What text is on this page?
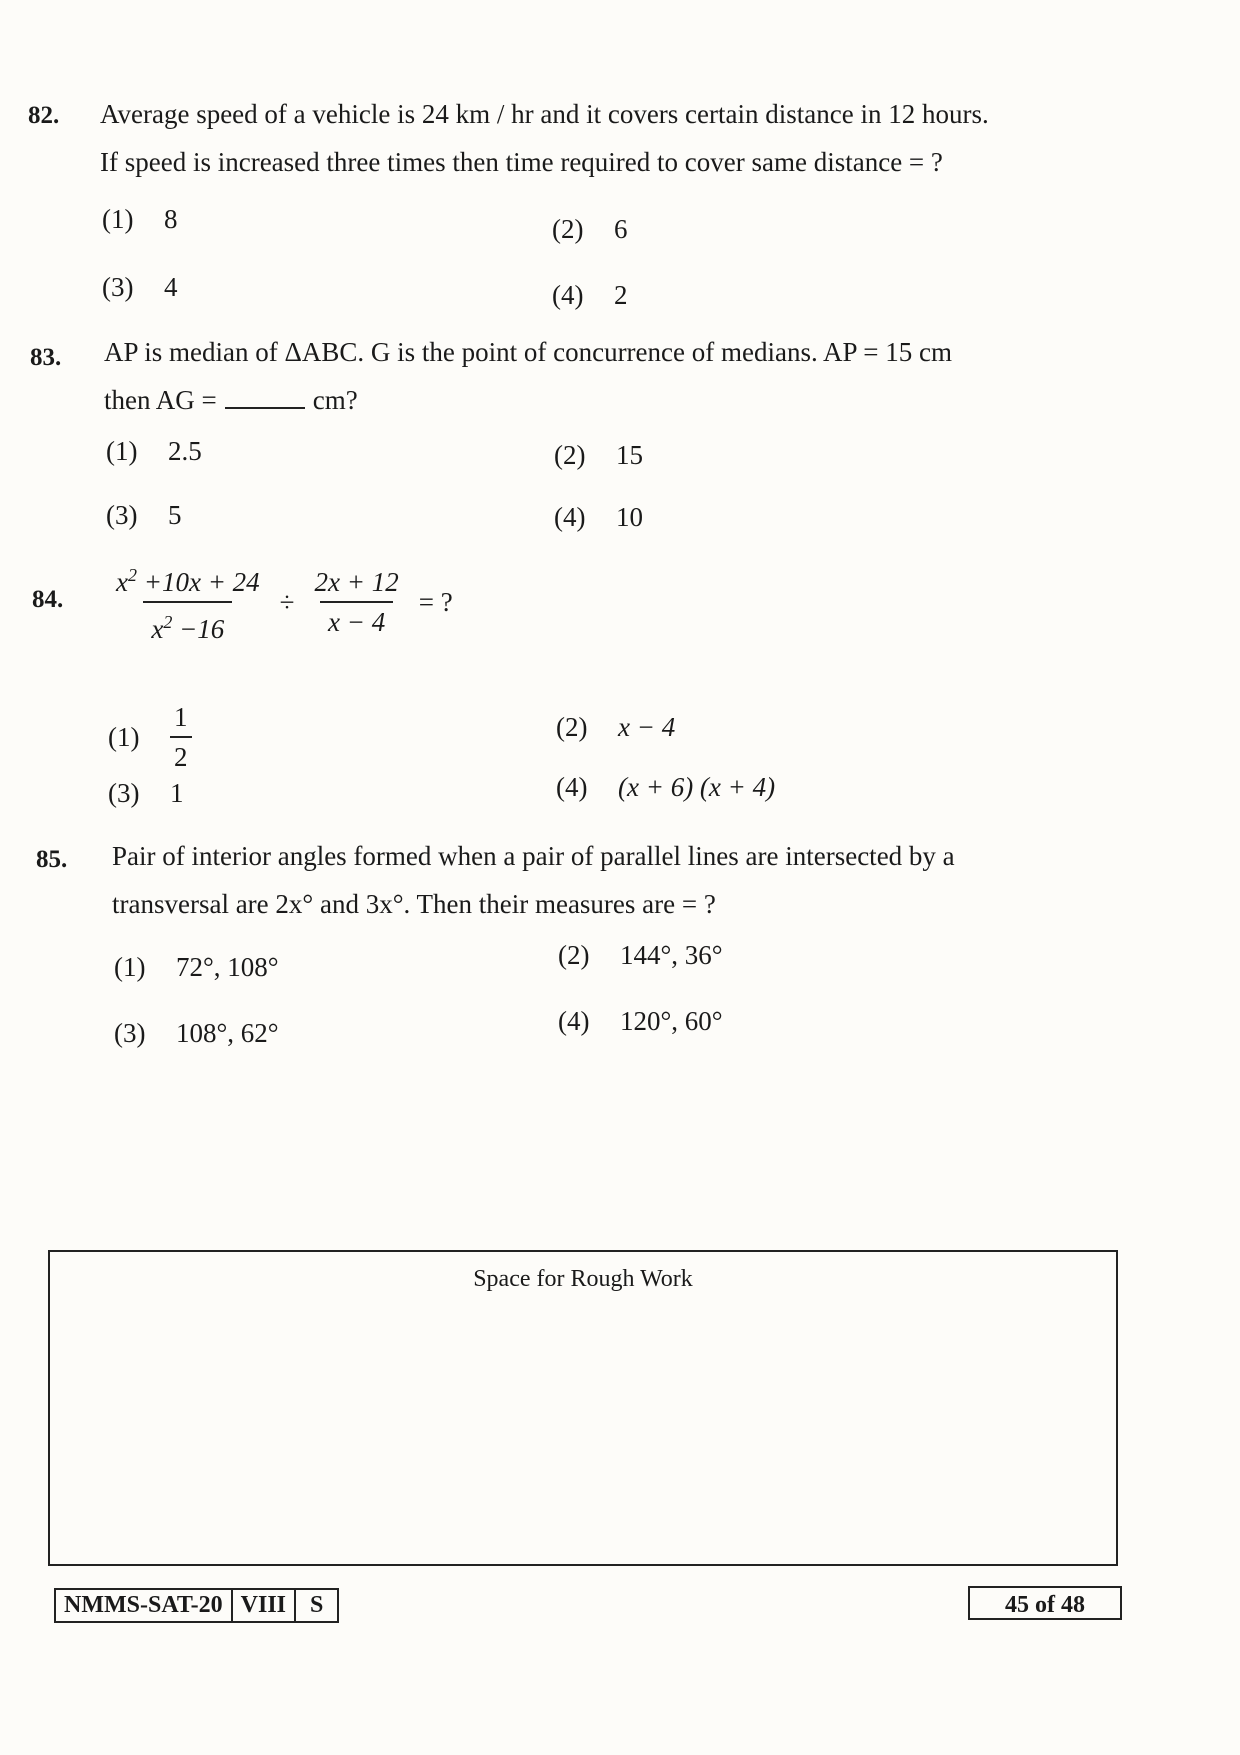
82. Average speed of a vehicle is 24 km / hr and it covers certain distance in 12 hours.
If speed is increased three times then time required to cover same distance = ?
(1) 8	(2) 6
(3) 4	(4) 2
83. AP is median of ΔABC. G is the point of concurrence of medians. AP = 15 cm
then AG =	cm?
(1) 2.5	(2) 15
(3) 5	(4) 10
84. $\frac{x^2 +10x + 24}{x^2 -16} \div \frac{2x + 12}{x - 4}$ = ?
$(1) \frac{1}{2}$	(2) x − 4
(3) 1	(4) (x + 6) (x + 4)
85. Pair of interior angles formed when a pair of parallel lines are intersected by a
transversal are 2x° and 3x°. Then their measures are = ?
(1) 72°, 108°	(2) 144°, 36°
(3) 108°, 62°	(4) 120°, 60°
Space for Rough Work
NMMS-SAT-20 VIII	S	45 of 48
